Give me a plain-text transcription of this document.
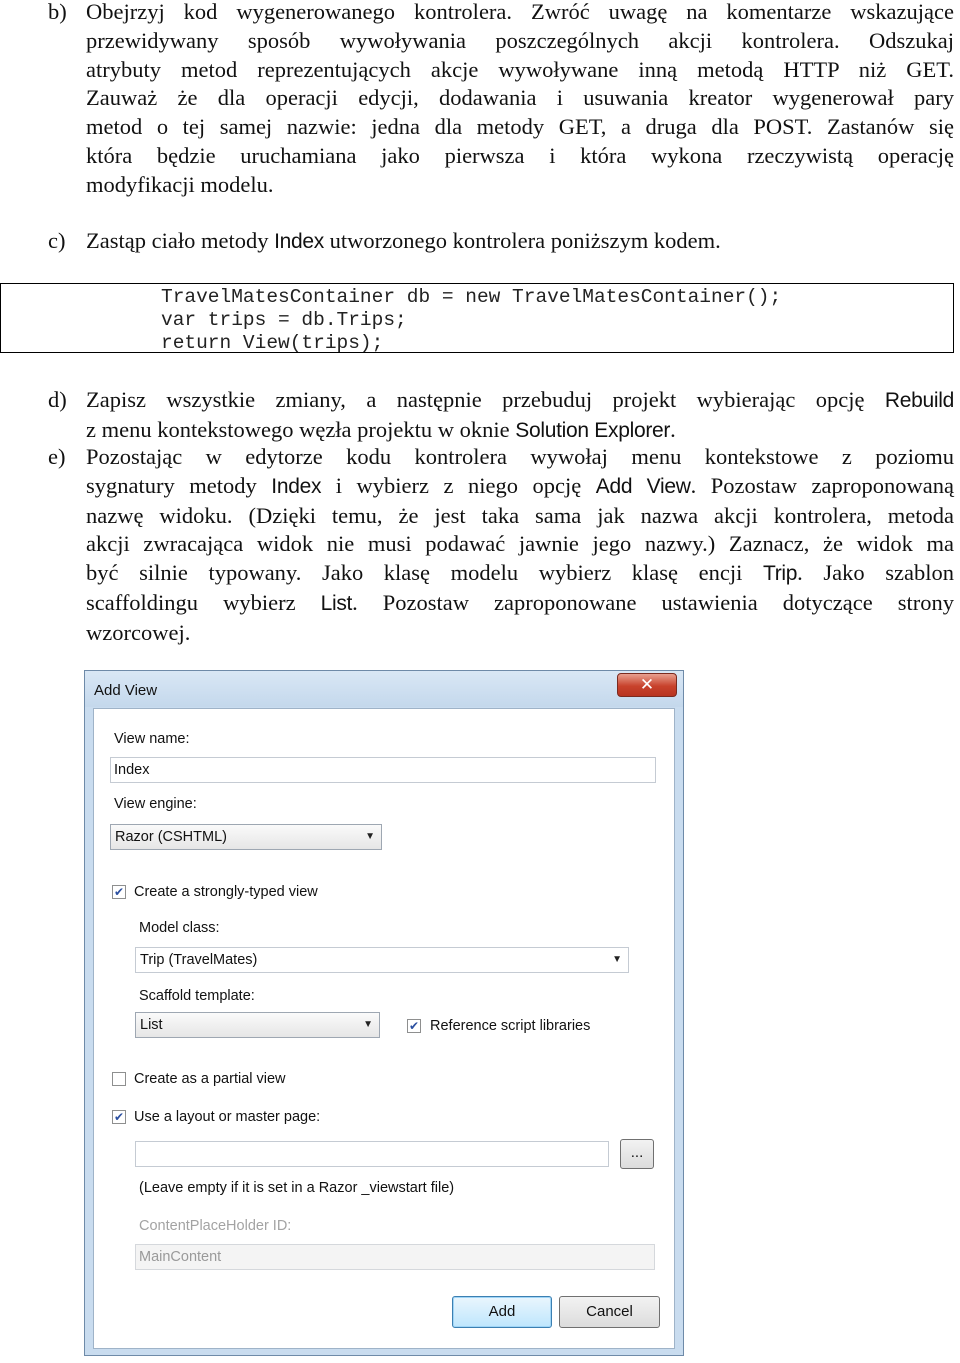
b) Obejrzyj kod wygenerowanego kontrolera. Zwróć uwagę na komentarze wskazujące
przewidywany sposób wywoływania poszczególnych akcji kontrolera. Odszukaj
atrybuty metod reprezentujących akcje wywoływane inną metodą HTTP niż GET.
Zauważ że dla operacji edycji, dodawania i usuwania kreator wygenerował pary
metod o tej samej nazwie: jedna dla metody GET, a druga dla POST. Zastanów się
która będzie uruchamiana jako pierwsza i która wykona rzeczywistą operację
modyfikacji modelu.
c) Zastąp ciało metody Index utworzonego kontrolera poniższym kodem.
TravelMatesContainer db = new TravelMatesContainer();
var trips = db.Trips;
return View(trips);
d) Zapisz wszystkie zmiany, a następnie przebuduj projekt wybierając opcję Rebuild
z menu kontekstowego węzła projektu w oknie Solution Explorer.
e) Pozostając w edytorze kodu kontrolera wywołaj menu kontekstowe z poziomu
sygnatury metody Index i wybierz z niego opcję Add View. Pozostaw zaproponowaną
nazwę widoku. (Dzięki temu, że jest taka sama jak nazwa akcji kontrolera, metoda
akcji zwracająca widok nie musi podawać jawnie jego nazwy.) Zaznacz, że widok ma
być silnie typowany. Jako klasę modelu wybierz klasę encji Trip. Jako szablon
scaffoldingu wybierz List. Pozostaw zaproponowane ustawienia dotyczące strony
wzorcowej.
Add View	✕
View name:
Index
View engine:
Razor (CSHTML)	▼
✔ Create a strongly-typed view
Model class:
Trip (TravelMates)	▼
Scaffold template:
List	▼	✔ Reference script libraries
Create as a partial view
✔ Use a layout or master page:
...
(Leave empty if it is set in a Razor _viewstart file)
ContentPlaceHolder ID:
MainContent
Add	Cancel
